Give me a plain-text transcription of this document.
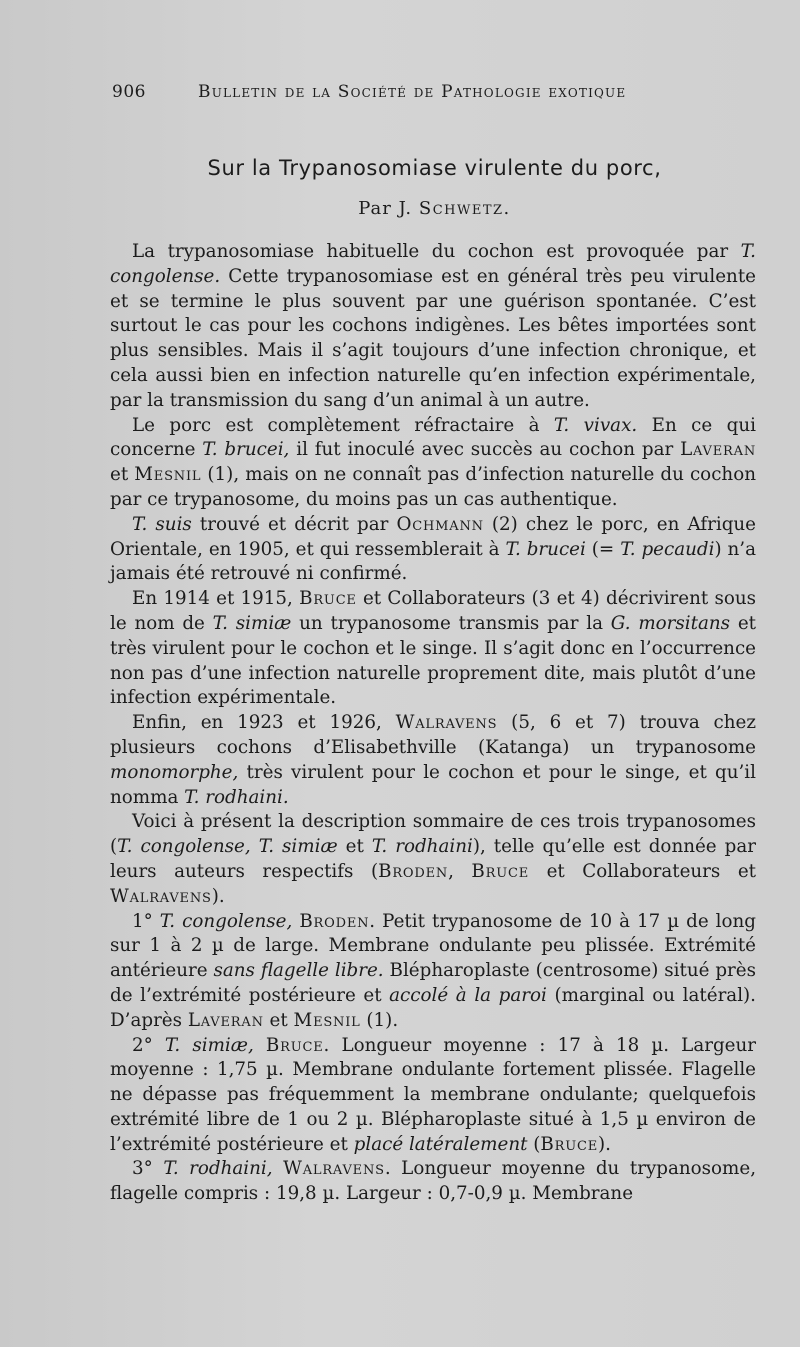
906	Bulletin de la Société de Pathologie exotique
Sur la Trypanosomiase virulente du porc,
Par J. Schwetz.

La trypanosomiase habituelle du cochon est provoquée par T. congolense. Cette trypanosomiase est en général très peu virulente et se termine le plus souvent par une guérison spontanée. C’est surtout le cas pour les cochons indigènes. Les bêtes importées sont plus sensibles. Mais il s’agit toujours d’une infection chronique, et cela aussi bien en infection naturelle qu’en infection expérimentale, par la transmission du sang d’un animal à un autre.

Le porc est complètement réfractaire à T. vivax. En ce qui concerne T. brucei, il fut inoculé avec succès au cochon par Laveran et Mesnil (1), mais on ne connaît pas d’infection naturelle du cochon par ce trypanosome, du moins pas un cas authentique.

T. suis trouvé et décrit par Ochmann (2) chez le porc, en Afrique Orientale, en 1905, et qui ressemblerait à T. brucei (= T. pecaudi) n’a jamais été retrouvé ni confirmé.

En 1914 et 1915, Bruce et Collaborateurs (3 et 4) décrivirent sous le nom de T. simiæ un trypanosome transmis par la G. morsitans et très virulent pour le cochon et le singe. Il s’agit donc en l’occurrence non pas d’une infection naturelle proprement dite, mais plutôt d’une infection expérimentale.

Enfin, en 1923 et 1926, Walravens (5, 6 et 7) trouva chez plusieurs cochons d’Elisabethville (Katanga) un trypanosome monomorphe, très virulent pour le cochon et pour le singe, et qu’il nomma T. rodhaini.

Voici à présent la description sommaire de ces trois trypanosomes (T. congolense, T. simiæ et T. rodhaini), telle qu’elle est donnée par leurs auteurs respectifs (Broden, Bruce et Collaborateurs et Walravens).

1° T. congolense, Broden. Petit trypanosome de 10 à 17 µ de long sur 1 à 2 µ de large. Membrane ondulante peu plissée. Extrémité antérieure sans flagelle libre. Blépharoplaste (centrosome) situé près de l’extrémité postérieure et accolé à la paroi (marginal ou latéral). D’après Laveran et Mesnil (1).

2° T. simiæ, Bruce. Longueur moyenne : 17 à 18 µ. Largeur moyenne : 1,75 µ. Membrane ondulante fortement plissée. Flagelle ne dépasse pas fréquemment la membrane ondulante; quelquefois extrémité libre de 1 ou 2 µ. Blépharoplaste situé à 1,5 µ environ de l’extrémité postérieure et placé latéralement (Bruce).

3° T. rodhaini, Walravens. Longueur moyenne du trypanosome, flagelle compris : 19,8 µ. Largeur : 0,7-0,9 µ. Membrane
